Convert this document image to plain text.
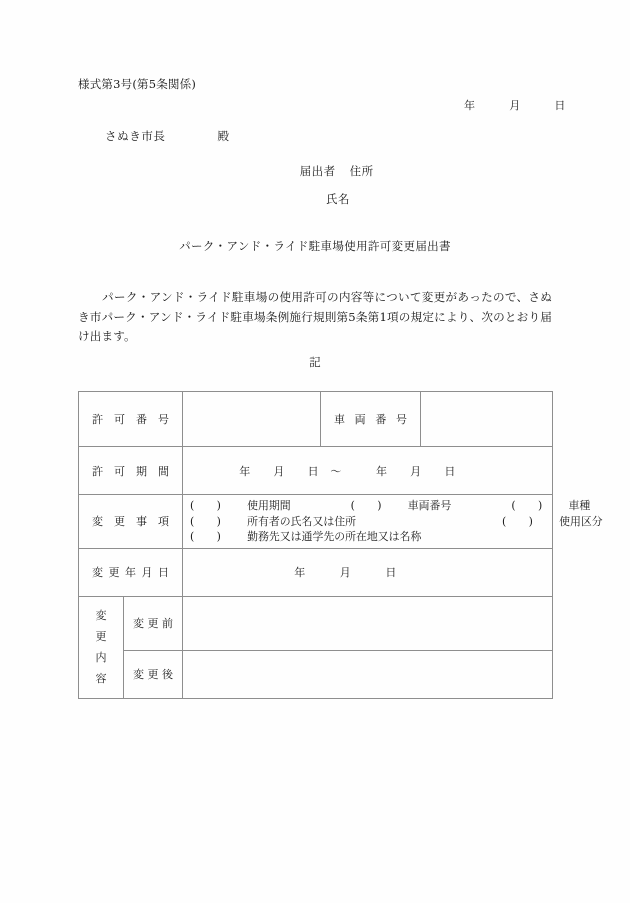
様式第3号(第5条関係)
年　　　月　　　日

さぬき市長	殿

届出者 住所

氏名
パーク・アンド・ライド駐車場使用許可変更届出書
　パーク・アンド・ライド駐車場の使用許可の内容等について変更があったので、さぬき市パーク・アンド・ライド駐車場条例施行規則第5条第1項の規定により、次のとおり届け出ます。
記
許可番号			車両番号	
許可期間		年　　月　　日　～　　　年　　月　　日		

変更事項		(　　) 使用期間 (　　) 車両番号 (　　) 車種
(　　) 所有者の氏名又は住所 (　　) 使用区分
(　　) 勤務先又は通学先の所在地又は名称		

変更年月日		年　　　月　　　日		

変
更
内
容	変更前			
	変更後			
